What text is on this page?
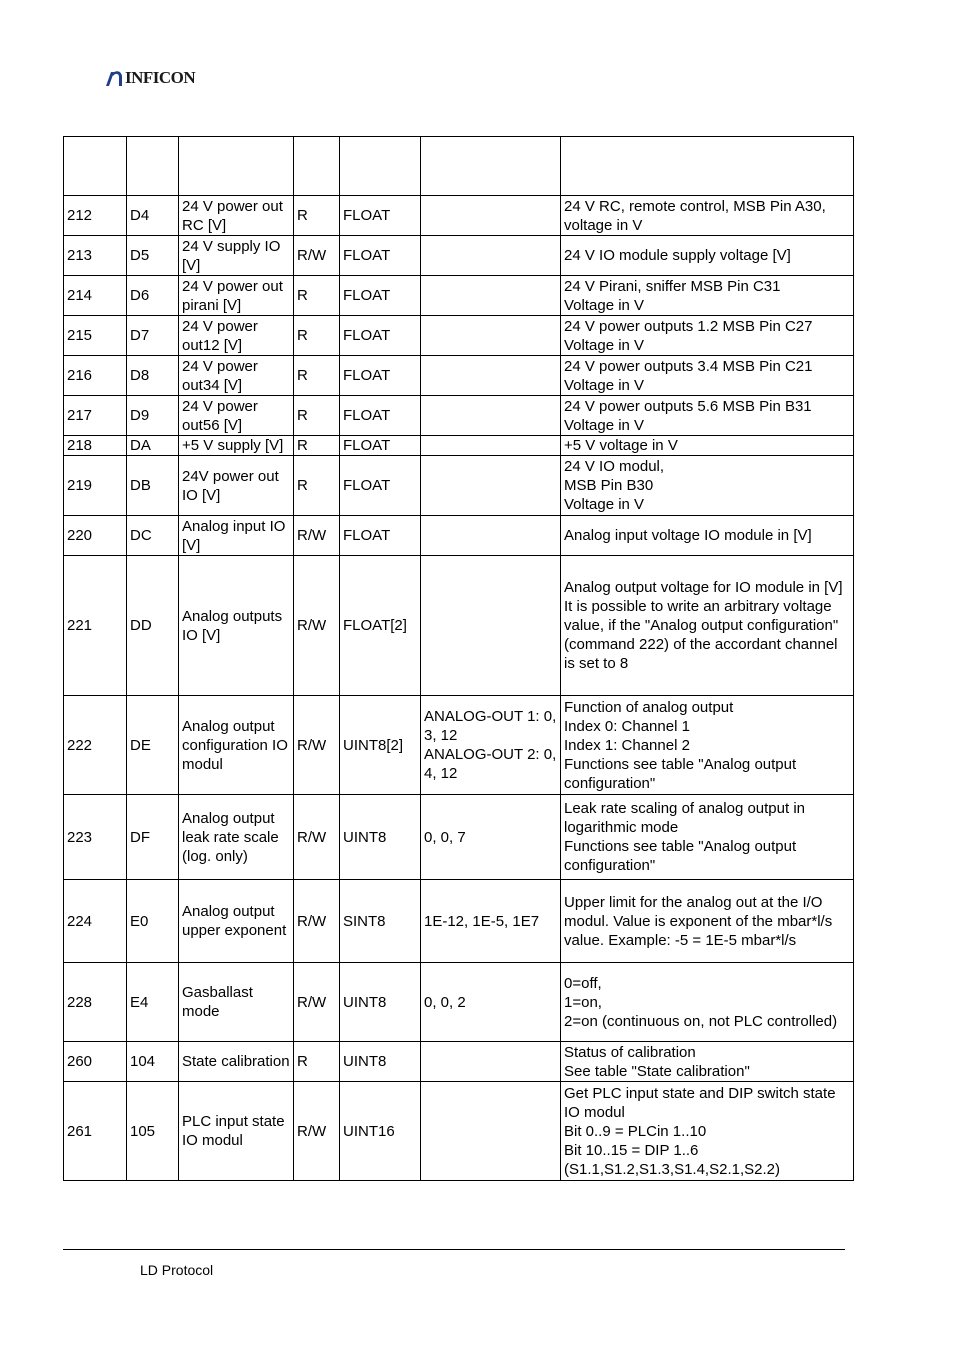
INFICON

212	D4	24 V power out RC [V]	R	FLOAT		24 V RC, remote control, MSB Pin A30,
voltage in V
213	D5	24 V supply IO [V]	R/W	FLOAT		24 V IO module supply voltage [V]
214	D6	24 V power out pirani [V]	R	FLOAT		24 V Pirani, sniffer MSB Pin C31
Voltage in V
215	D7	24 V power out12 [V]	R	FLOAT		24 V power outputs 1.2 MSB Pin C27
Voltage in V
216	D8	24 V power out34 [V]	R	FLOAT		24 V power outputs 3.4 MSB Pin C21
Voltage in V
217	D9	24 V power out56 [V]	R	FLOAT		24 V power outputs 5.6 MSB Pin B31
Voltage in V
218	DA	+5 V supply [V]	R	FLOAT		+5 V voltage in V
219	DB	24V power out IO [V]	R	FLOAT		24 V IO modul,
MSB Pin B30
Voltage in V
220	DC	Analog input IO [V]	R/W	FLOAT		Analog input voltage IO module in [V]
221	DD	Analog outputs IO [V]	R/W	FLOAT[2]		Analog output voltage for IO module in [V]
It is possible to write an arbitrary voltage value, if the "Analog output configuration" (command 222) of the accordant channel is set to 8
222	DE	Analog output configuration IO modul	R/W	UINT8[2]	ANALOG-OUT 1: 0, 3, 12
ANALOG-OUT 2: 0, 4, 12	Function of analog output
Index 0: Channel 1
Index 1: Channel 2
Functions see table "Analog output configuration"
223	DF	Analog output leak rate scale (log. only)	R/W	UINT8	0, 0, 7	Leak rate scaling of analog output in logarithmic mode
Functions see table "Analog output configuration"
224	E0	Analog output upper exponent	R/W	SINT8	1E-12, 1E-5, 1E7	Upper limit for the analog out at the I/O modul. Value is exponent of the mbar*l/s value. Example: -5 = 1E-5 mbar*l/s
228	E4	Gasballast mode	R/W	UINT8	0, 0, 2	0=off,
1=on,
2=on (continuous on, not PLC controlled)
260	104	State calibration	R	UINT8		Status of calibration
See table "State calibration"
261	105	PLC input state IO modul	R/W	UINT16		Get PLC input state and DIP switch state IO modul
Bit 0..9 = PLCin 1..10
Bit 10..15 = DIP 1..6
(S1.1,S1.2,S1.3,S1.4,S2.1,S2.2)
LD Protocol
